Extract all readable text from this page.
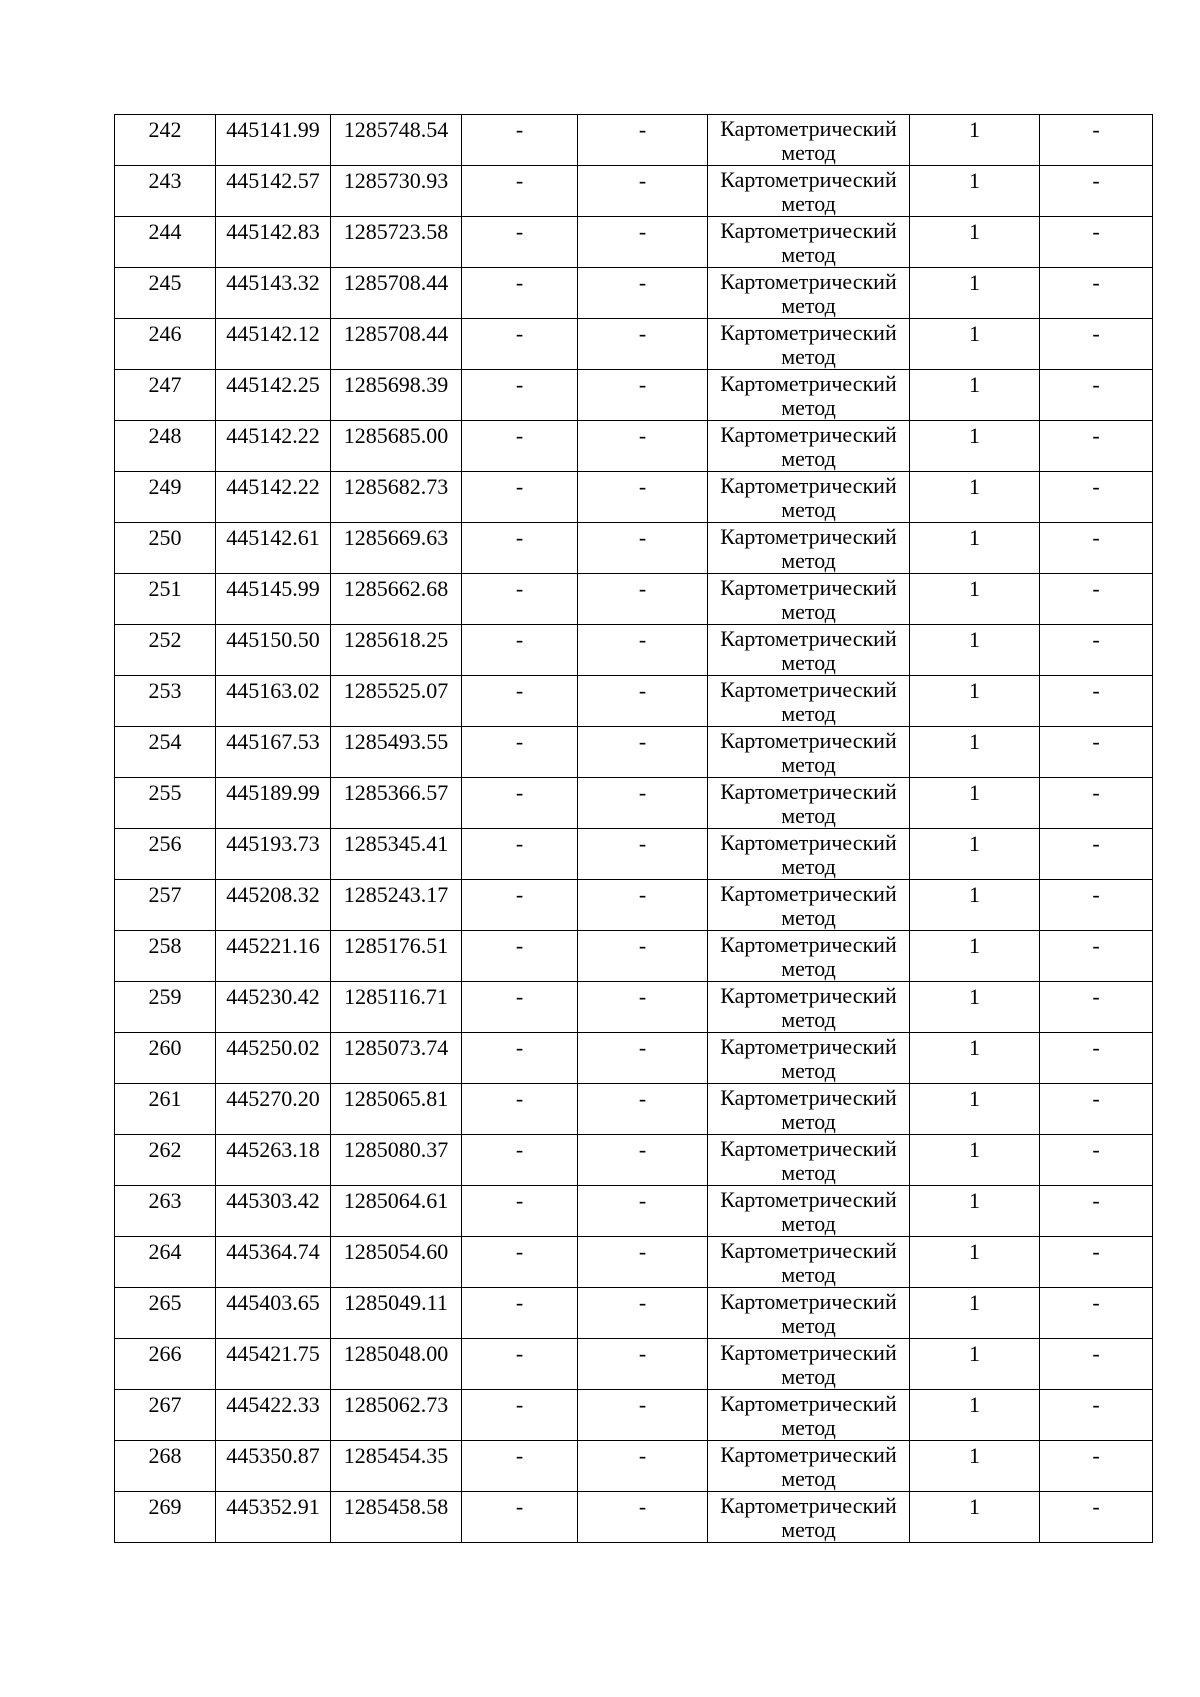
242	445141.99	1285748.54	-	-	Картометрический метод	1	-

243	445142.57	1285730.93	-	-	Картометрический метод	1	-

244	445142.83	1285723.58	-	-	Картометрический метод	1	-

245	445143.32	1285708.44	-	-	Картометрический метод	1	-

246	445142.12	1285708.44	-	-	Картометрический метод	1	-

247	445142.25	1285698.39	-	-	Картометрический метод	1	-

248	445142.22	1285685.00	-	-	Картометрический метод	1	-

249	445142.22	1285682.73	-	-	Картометрический метод	1	-

250	445142.61	1285669.63	-	-	Картометрический метод	1	-

251	445145.99	1285662.68	-	-	Картометрический метод	1	-

252	445150.50	1285618.25	-	-	Картометрический метод	1	-

253	445163.02	1285525.07	-	-	Картометрический метод	1	-

254	445167.53	1285493.55	-	-	Картометрический метод	1	-

255	445189.99	1285366.57	-	-	Картометрический метод	1	-

256	445193.73	1285345.41	-	-	Картометрический метод	1	-

257	445208.32	1285243.17	-	-	Картометрический метод	1	-

258	445221.16	1285176.51	-	-	Картометрический метод	1	-

259	445230.42	1285116.71	-	-	Картометрический метод	1	-

260	445250.02	1285073.74	-	-	Картометрический метод	1	-

261	445270.20	1285065.81	-	-	Картометрический метод	1	-

262	445263.18	1285080.37	-	-	Картометрический метод	1	-

263	445303.42	1285064.61	-	-	Картометрический метод	1	-

264	445364.74	1285054.60	-	-	Картометрический метод	1	-

265	445403.65	1285049.11	-	-	Картометрический метод	1	-

266	445421.75	1285048.00	-	-	Картометрический метод	1	-

267	445422.33	1285062.73	-	-	Картометрический метод	1	-

268	445350.87	1285454.35	-	-	Картометрический метод	1	-

269	445352.91	1285458.58	-	-	Картометрический метод	1	-
